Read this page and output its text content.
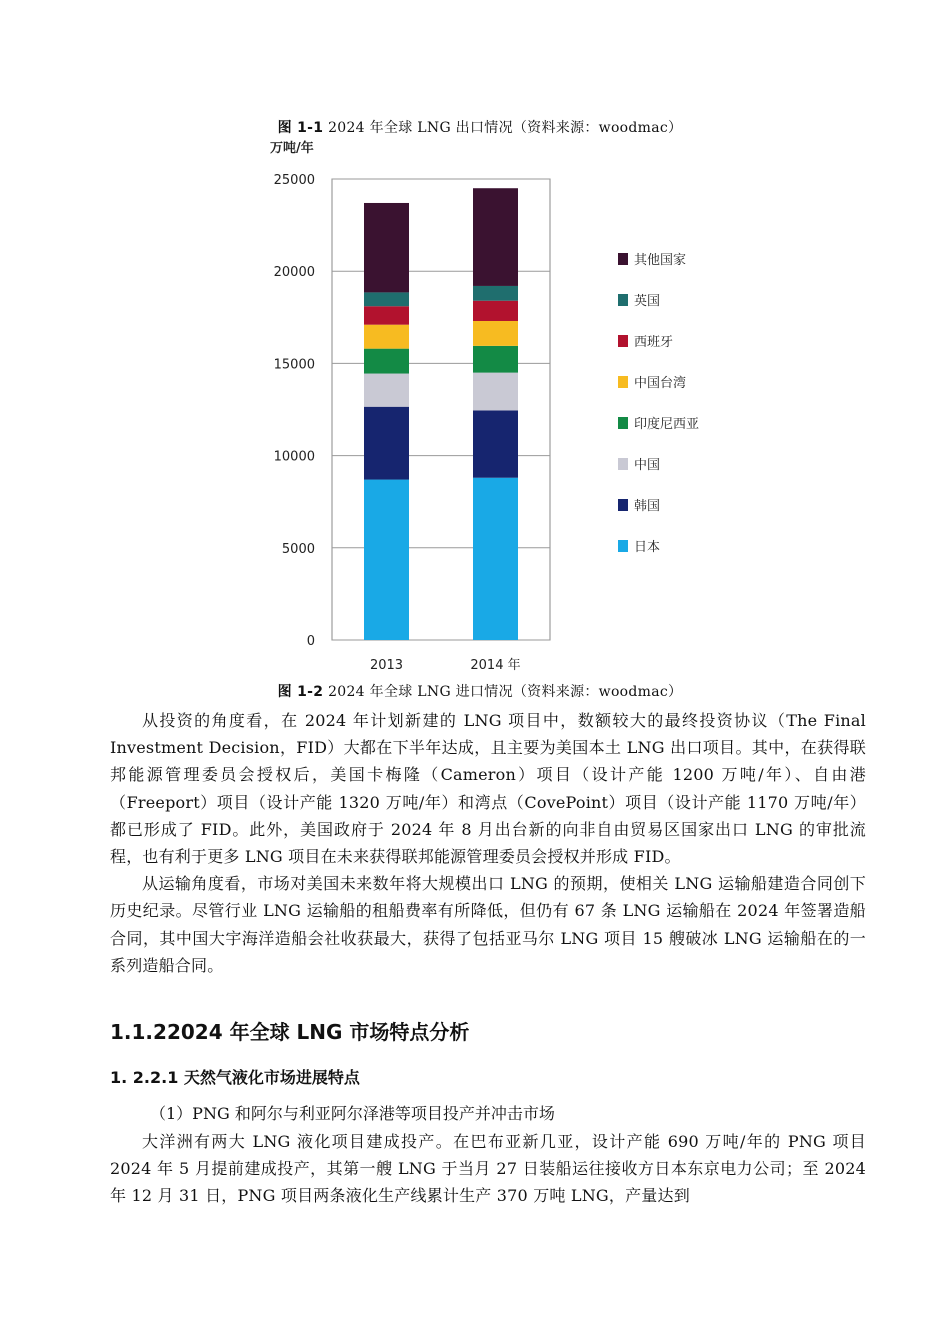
图 1-1 2024 年全球 LNG 出口情况（资料来源：woodmac）
万吨/年
0
5000
10000
15000
20000
25000
2013	2014 年
其他国家
英国
西班牙
中国台湾
印度尼西亚
中国
韩国
日本
图 1-2 2024 年全球 LNG 进口情况（资料来源：woodmac）

从投资的角度看，在 2024 年计划新建的 LNG 项目中，数额较大的最终投资协议（The Final Investment Decision，FID）大都在下半年达成，且主要为美国本土 LNG 出口项目。其中，在获得联邦能源管理委员会授权后，美国卡梅隆（Cameron）项目（设计产能 1200 万吨/年）、自由港（Freeport）项目（设计产能 1320 万吨/年）和湾点（CovePoint）项目（设计产能 1170 万吨/年）都已形成了 FID。此外，美国政府于 2024 年 8 月出台新的向非自由贸易区国家出口 LNG 的审批流程，也有利于更多 LNG 项目在未来获得联邦能源管理委员会授权并形成 FID。

从运输角度看，市场对美国未来数年将大规模出口 LNG 的预期，使相关 LNG 运输船建造合同创下历史纪录。尽管行业 LNG 运输船的租船费率有所降低，但仍有 67 条 LNG 运输船在 2024 年签署造船合同，其中国大宇海洋造船会社收获最大，获得了包括亚马尔 LNG 项目 15 艘破冰 LNG 运输船在的一系列造船合同。

1.1.22024 年全球 LNG 市场特点分析
1. 2.2.1 天然气液化市场进展特点
（1）PNG 和阿尔与利亚阿尔泽港等项目投产并冲击市场

大洋洲有两大 LNG 液化项目建成投产。在巴布亚新几亚，设计产能 690 万吨/年的 PNG 项目 2024 年 5 月提前建成投产，其第一艘 LNG 于当月 27 日装船运往接收方日本东京电力公司；至 2024 年 12 月 31 日，PNG 项目两条液化生产线累计生产 370 万吨 LNG，产量达到
